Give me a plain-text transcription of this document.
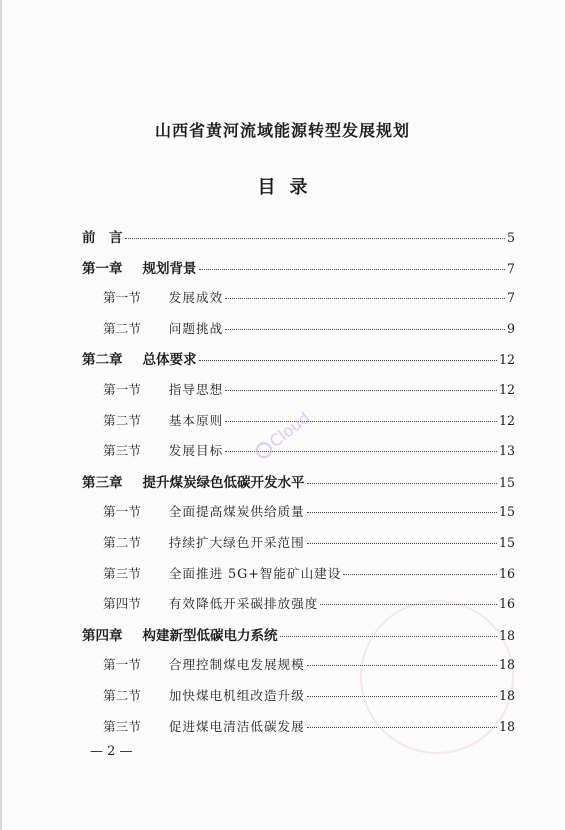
山西省黄河流域能源转型发展规划
目录
前　言	5
第一章 规划背景	7
第一节 发展成效	7
第二节 问题挑战	9
第二章 总体要求	12
第一节 指导思想	12
第二节 基本原则	12
第三节 发展目标	13
第三章 提升煤炭绿色低碳开发水平	15
第一节 全面提高煤炭供给质量	15
第二节 持续扩大绿色开采范围	15
第三节 全面推进 5G+智能矿山建设	16
第四节 有效降低开采碳排放强度	16
第四章 构建新型低碳电力系统	18
第一节 合理控制煤电发展规模	18
第二节 加快煤电机组改造升级	18
第三节 促进煤电清洁低碳发展	18
Cloud
— 2 —
